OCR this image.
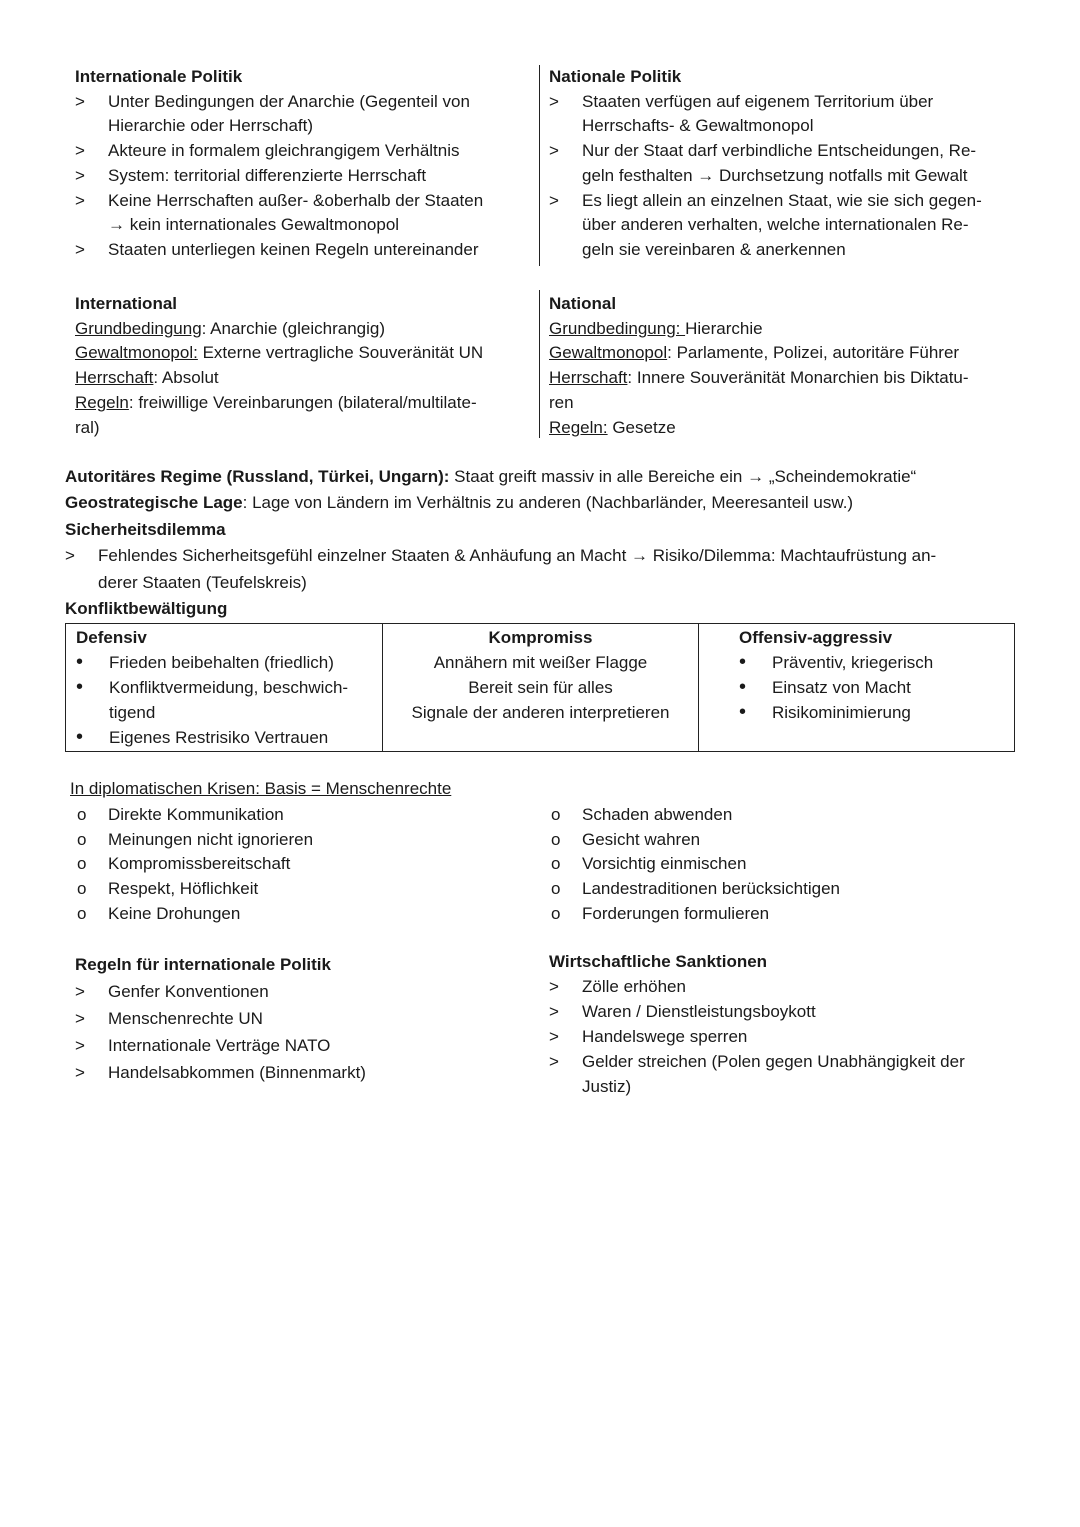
Internationale Politik
> Unter Bedingungen der Anarchie (Gegenteil von
Hierarchie oder Herrschaft)
> Akteure in formalem gleichrangigem Verhältnis
> System: territorial differenzierte Herrschaft
> Keine Herrschaften außer- &oberhalb der Staaten
→ kein internationales Gewaltmonopol
> Staaten unterliegen keinen Regeln untereinander
Nationale Politik
> Staaten verfügen auf eigenem Territorium über
Herrschafts- & Gewaltmonopol
> Nur der Staat darf verbindliche Entscheidungen, Re-
geln festhalten → Durchsetzung notfalls mit Gewalt
> Es liegt allein an einzelnen Staat, wie sie sich gegen-
über anderen verhalten, welche internationalen Re-
geln sie vereinbaren & anerkennen
International
Grundbedingung: Anarchie (gleichrangig)
Gewaltmonopol: Externe vertragliche Souveränität UN
Herrschaft: Absolut
Regeln: freiwillige Vereinbarungen (bilateral/multilate-
ral)
National
Grundbedingung: Hierarchie
Gewaltmonopol: Parlamente, Polizei, autoritäre Führer
Herrschaft: Innere Souveränität Monarchien bis Diktatu-
ren
Regeln: Gesetze
Autoritäres Regime (Russland, Türkei, Ungarn): Staat greift massiv in alle Bereiche ein → „Scheindemokratie“
Geostrategische Lage: Lage von Ländern im Verhältnis zu anderen (Nachbarländer, Meeresanteil usw.)
Sicherheitsdilemma
> Fehlendes Sicherheitsgefühl einzelner Staaten & Anhäufung an Macht → Risiko/Dilemma: Machtaufrüstung an-
derer Staaten (Teufelskreis)
Konfliktbewältigung
Defensiv
• Frieden beibehalten (friedlich)
• Konfliktvermeidung, beschwich-
tigend
• Eigenes Restrisiko Vertrauen

Kompromiss
Annähern mit weißer Flagge
Bereit sein für alles
Signale der anderen interpretieren

Offensiv-aggressiv
• Präventiv, kriegerisch
• Einsatz von Macht
• Risikominimierung
In diplomatischen Krisen: Basis = Menschenrechte
o Direkte Kommunikation
o Meinungen nicht ignorieren
o Kompromissbereitschaft
o Respekt, Höflichkeit
o Keine Drohungen
o Schaden abwenden
o Gesicht wahren
o Vorsichtig einmischen
o Landestraditionen berücksichtigen
o Forderungen formulieren
Regeln für internationale Politik
> Genfer Konventionen
> Menschenrechte UN
> Internationale Verträge NATO
> Handelsabkommen (Binnenmarkt)
Wirtschaftliche Sanktionen
> Zölle erhöhen
> Waren / Dienstleistungsboykott
> Handelswege sperren
> Gelder streichen (Polen gegen Unabhängigkeit der
Justiz)
